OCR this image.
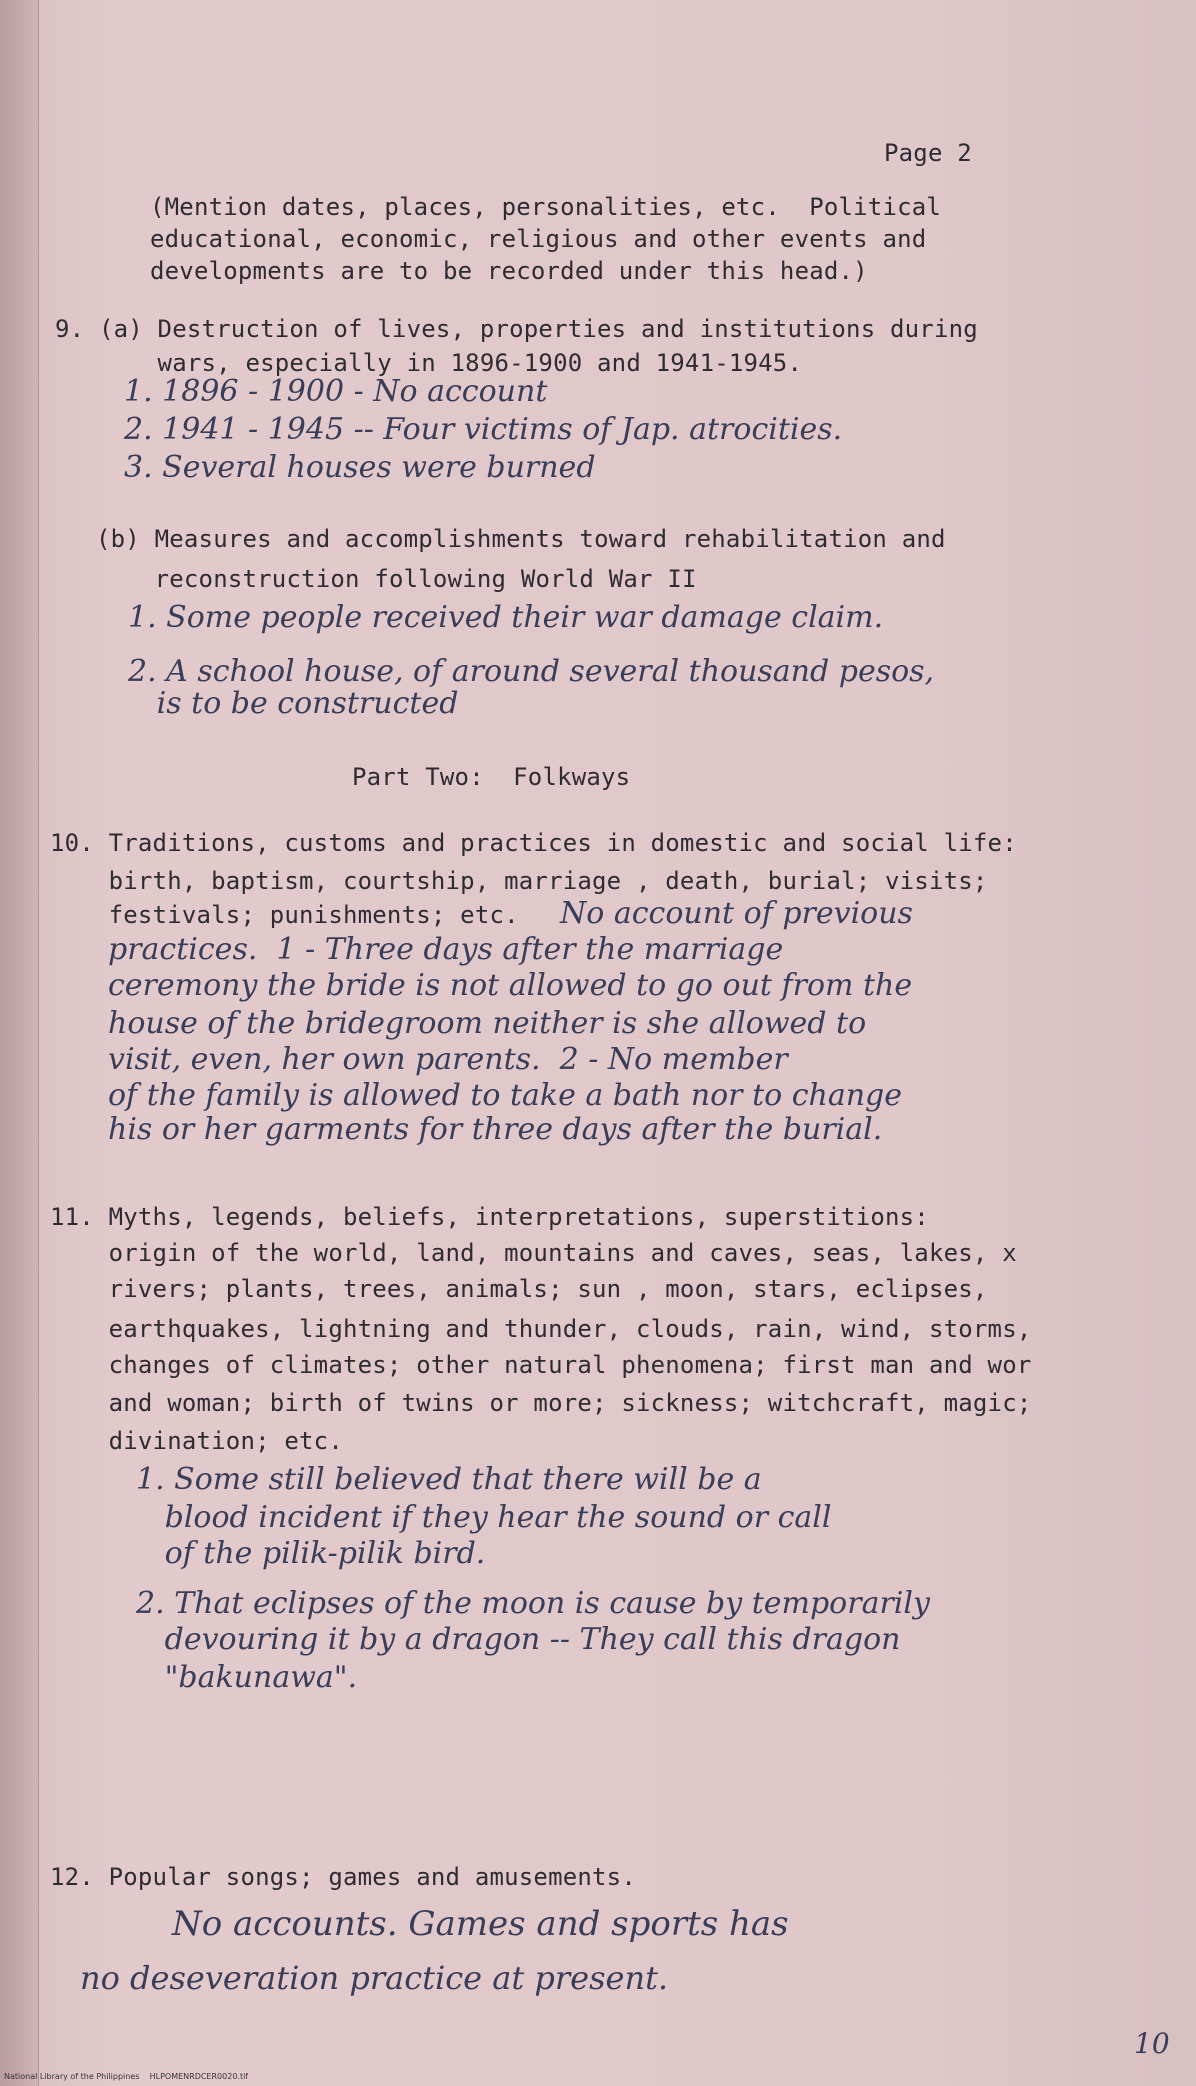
Page 2
(Mention dates, places, personalities, etc.  Political
educational, economic, religious and other events and
developments are to be recorded under this head.)
9. (a) Destruction of lives, properties and institutions during
wars, especially in 1896-1900 and 1941-1945.
1. 1896 - 1900 - No account
2. 1941 - 1945 -- Four victims of Jap. atrocities.
3. Several houses were burned
(b) Measures and accomplishments toward rehabilitation and
reconstruction following World War II
1. Some people received their war damage claim.
2. A school house, of around several thousand pesos,
is to be constructed
Part Two:  Folkways
10. Traditions, customs and practices in domestic and social life:
birth, baptism, courtship, marriage , death, burial; visits;
festivals; punishments; etc. No account of previous
practices.  1 - Three days after the marriage
ceremony the bride is not allowed to go out from the
house of the bridegroom neither is she allowed to
visit, even, her own parents.  2 - No member
of the family is allowed to take a bath nor to change
his or her garments for three days after the burial.
11. Myths, legends, beliefs, interpretations, superstitions:
origin of the world, land, mountains and caves, seas, lakes, x
rivers; plants, trees, animals; sun , moon, stars, eclipses,
earthquakes, lightning and thunder, clouds, rain, wind, storms,
changes of climates; other natural phenomena; first man and wor
and woman; birth of twins or more; sickness; witchcraft, magic;
divination; etc.
1. Some still believed that there will be a
blood incident if they hear the sound or call
of the pilik-pilik bird.
2. That eclipses of the moon is cause by temporarily
devouring it by a dragon -- They call this dragon
"bakunawa".
12. Popular songs; games and amusements.
No accounts. Games and sports has
no deseveration practice at present.
10
National Library of the Philippines    HLPOMENRDCER0020.tif
